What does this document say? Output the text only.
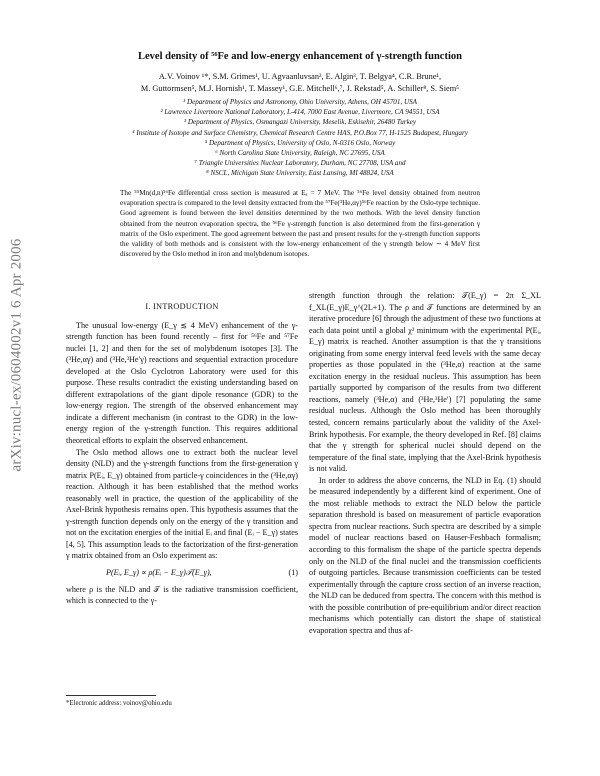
arXiv:nucl-ex/0604002v1 6 Apr 2006
Level density of ⁵⁶Fe and low-energy enhancement of γ-strength function
A.V. Voinov ¹*, S.M. Grimes¹, U. Agvaanluvsan², E. Algin³, T. Belgya⁴, C.R. Brune¹,
M. Guttormsen⁵, M.J. Hornish¹, T. Massey¹, G.E. Mitchell⁶,⁷, J. Rekstad⁵, A. Schiller⁸, S. Siem⁵
¹ Department of Physics and Astronomy, Ohio University, Athens, OH 45701, USA
² Lawrence Livermore National Laboratory, L-414, 7000 East Avenue, Livermore, CA 94551, USA
³ Department of Physics, Osmangazi University, Meselik, Eskisehir, 26480 Turkey
⁴ Institute of Isotope and Surface Chemistry, Chemical Research Centre HAS, P.O.Box 77, H-1525 Budapest, Hungary
⁵ Department of Physics, University of Oslo, N-0316 Oslo, Norway
⁶ North Carolina State University, Raleigh, NC 27695, USA
⁷ Triangle Universities Nuclear Laboratory, Durham, NC 27708, USA and
⁸ NSCL, Michigan State University, East Lansing, MI 48824, USA
The ⁵⁵Mn(d,n)⁵⁶Fe differential cross section is measured at Eₐ = 7 MeV. The ⁵⁶Fe level density obtained from neutron evaporation spectra is compared to the level density extracted from the ⁵⁷Fe(³He,αγ)⁵⁶Fe reaction by the Oslo-type technique. Good agreement is found between the level densities determined by the two methods. With the level density function obtained from the neutron evaporation spectra, the ⁵⁶Fe γ-strength function is also determined from the first-generation γ matrix of the Oslo experiment. The good agreement between the past and present results for the γ-strength function supports the validity of both methods and is consistent with the low-energy enhancement of the γ strength below ∼ 4 MeV first discovered by the Oslo method in iron and molybdenum isotopes.
I. INTRODUCTION

The unusual low-energy (E_γ ≲ 4 MeV) enhancement of the γ-strength function has been found recently – first for ⁵⁶Fe and ⁵⁷Fe nuclei [1, 2] and then for the set of molybdenum isotopes [3]. The (³He,αγ) and (³He,³He′γ) reactions and sequential extraction procedure developed at the Oslo Cyclotron Laboratory were used for this purpose. These results contradict the existing understanding based on different extrapolations of the giant dipole resonance (GDR) to the low-energy region. The strength of the observed enhancement may indicate a different mechanism (in contrast to the GDR) in the low-energy region of the γ-strength function. This requires additional theoretical efforts to explain the observed enhancement.

The Oslo method allows one to extract both the nuclear level density (NLD) and the γ-strength functions from the first-generation γ matrix P(Eᵢ, E_γ) obtained from particle-γ coincidences in the (³He,αγ) reaction. Although it has been established that the method works reasonably well in practice, the question of the applicability of the Axel-Brink hypothesis remains open. This hypothesis assumes that the γ-strength function depends only on the energy of the γ transition and not on the excitation energies of the initial Eᵢ and final (Eᵢ − E_γ) states [4, 5]. This assumption leads to the factorization of the first-generation γ matrix obtained from an Oslo experiment as:

P(Eᵢ, E_γ) ∝ ρ(Eᵢ − E_γ)𝒯(E_γ),	(1)

where ρ is the NLD and 𝒯 is the radiative transmission coefficient, which is connected to the γ-

strength function through the relation: 𝒯(E_γ) = 2π Σ_XL f_XL(E_γ)E_γ^(2L+1). The ρ and 𝒯 functions are determined by an iterative procedure [6] through the adjustment of these two functions at each data point until a global χ² minimum with the experimental P(Eᵢ, E_γ) matrix is reached. Another assumption is that the γ transitions originating from some energy interval feed levels with the same decay properties as those populated in the (³He,α) reaction at the same excitation energy in the residual nucleus. This assumption has been partially supported by comparison of the results from two different reactions, namely (³He,α) and (³He,³He′) [7] populating the same residual nucleus. Although the Oslo method has been thoroughly tested, concern remains particularly about the validity of the Axel-Brink hypothesis. For example, the theory developed in Ref. [8] claims that the γ strength for spherical nuclei should depend on the temperature of the final state, implying that the Axel-Brink hypothesis is not valid.

In order to address the above concerns, the NLD in Eq. (1) should be measured independently by a different kind of experiment. One of the most reliable methods to extract the NLD below the particle separation threshold is based on measurement of particle evaporation spectra from nuclear reactions. Such spectra are described by a simple model of nuclear reactions based on Hauser-Feshbach formalism; according to this formalism the shape of the particle spectra depends only on the NLD of the final nuclei and the transmission coefficients of outgoing particles. Because transmission coefficients can be tested experimentally through the capture cross section of an inverse reaction, the NLD can be deduced from spectra. The concern with this method is with the possible contribution of pre-equilibrium and/or direct reaction mechanisms which potentially can distort the shape of statistical evaporation spectra and thus af-

*Electronic address: voinov@ohio.edu
